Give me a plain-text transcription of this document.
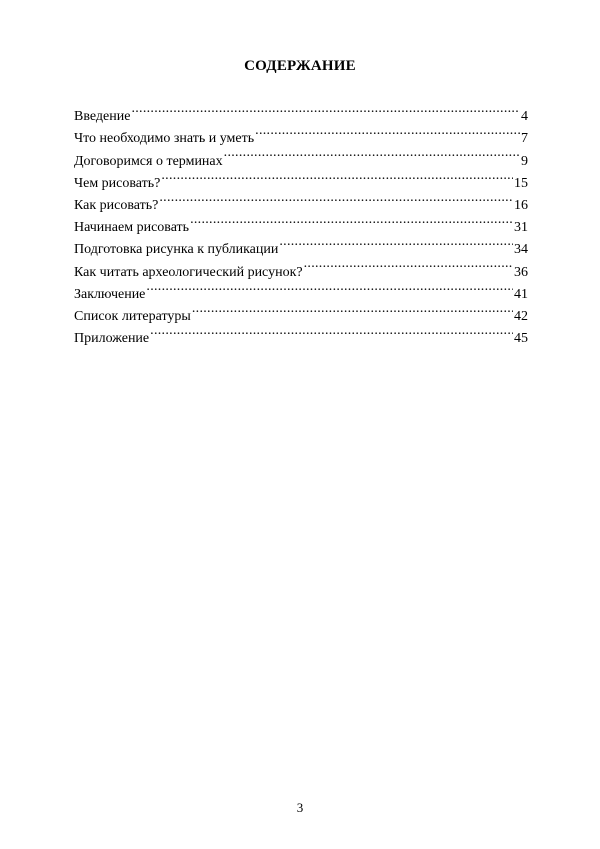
СОДЕРЖАНИЕ
Введение .....	4
Что необходимо знать и уметь .....	7
Договоримся о терминах .....	9
Чем рисовать? .....	15
Как рисовать? .....	16
Начинаем рисовать .....	31
Подготовка рисунка к публикации .....	34
Как читать археологический рисунок? .....	36
Заключение .....	41
Список литературы .....	42
Приложение .....	45
3
